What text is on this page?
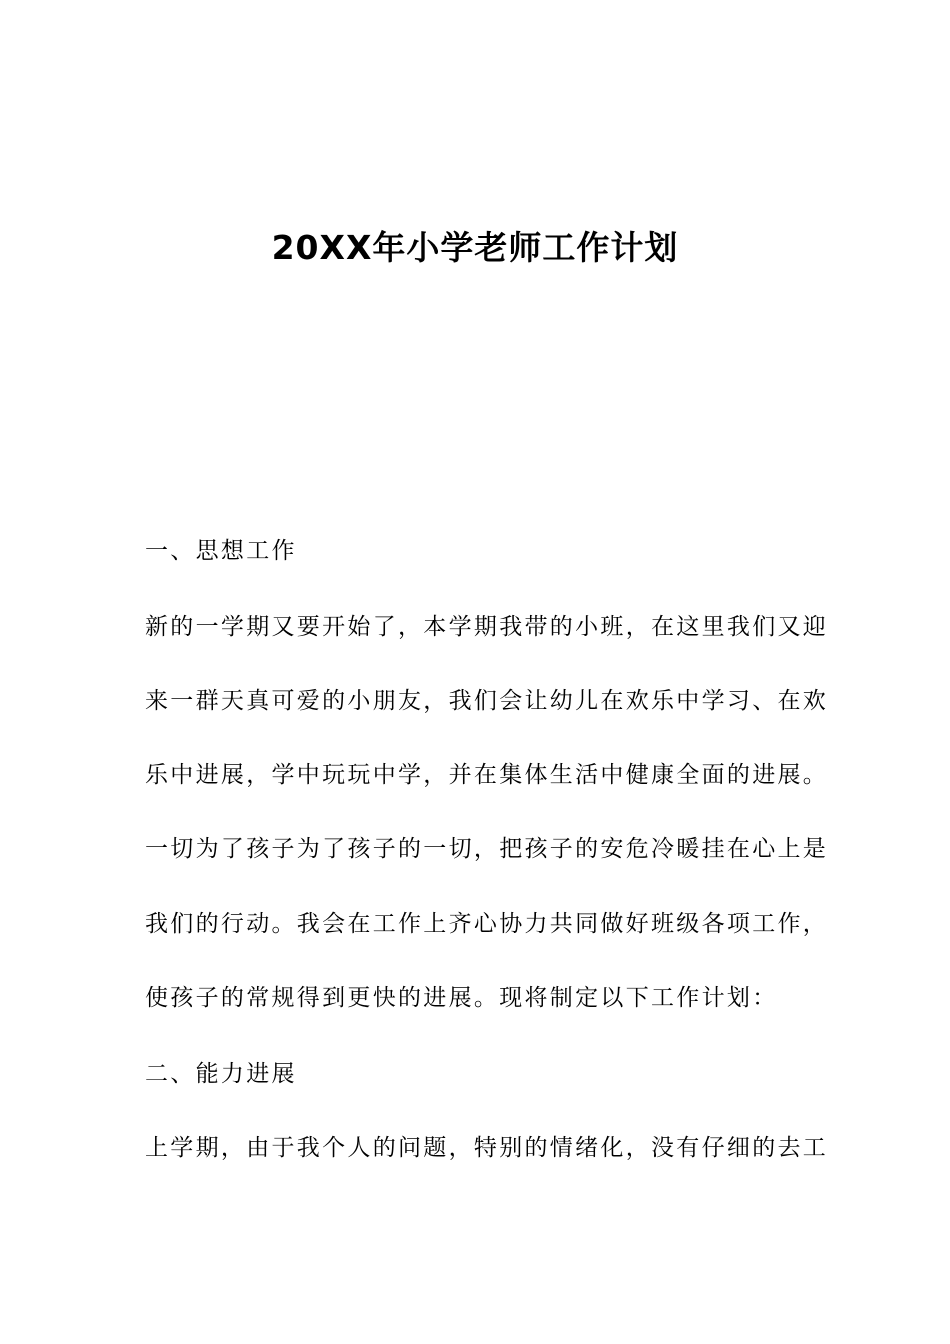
20XX年小学老师工作计划

一、思想工作

新的一学期又要开始了，本学期我带的小班，在这里我们又迎

来一群天真可爱的小朋友，我们会让幼儿在欢乐中学习、在欢

乐中进展，学中玩玩中学，并在集体生活中健康全面的进展。

一切为了孩子为了孩子的一切，把孩子的安危冷暖挂在心上是

我们的行动。我会在工作上齐心协力共同做好班级各项工作，

使孩子的常规得到更快的进展。现将制定以下工作计划：

二、能力进展

上学期，由于我个人的问题，特别的情绪化，没有仔细的去工
